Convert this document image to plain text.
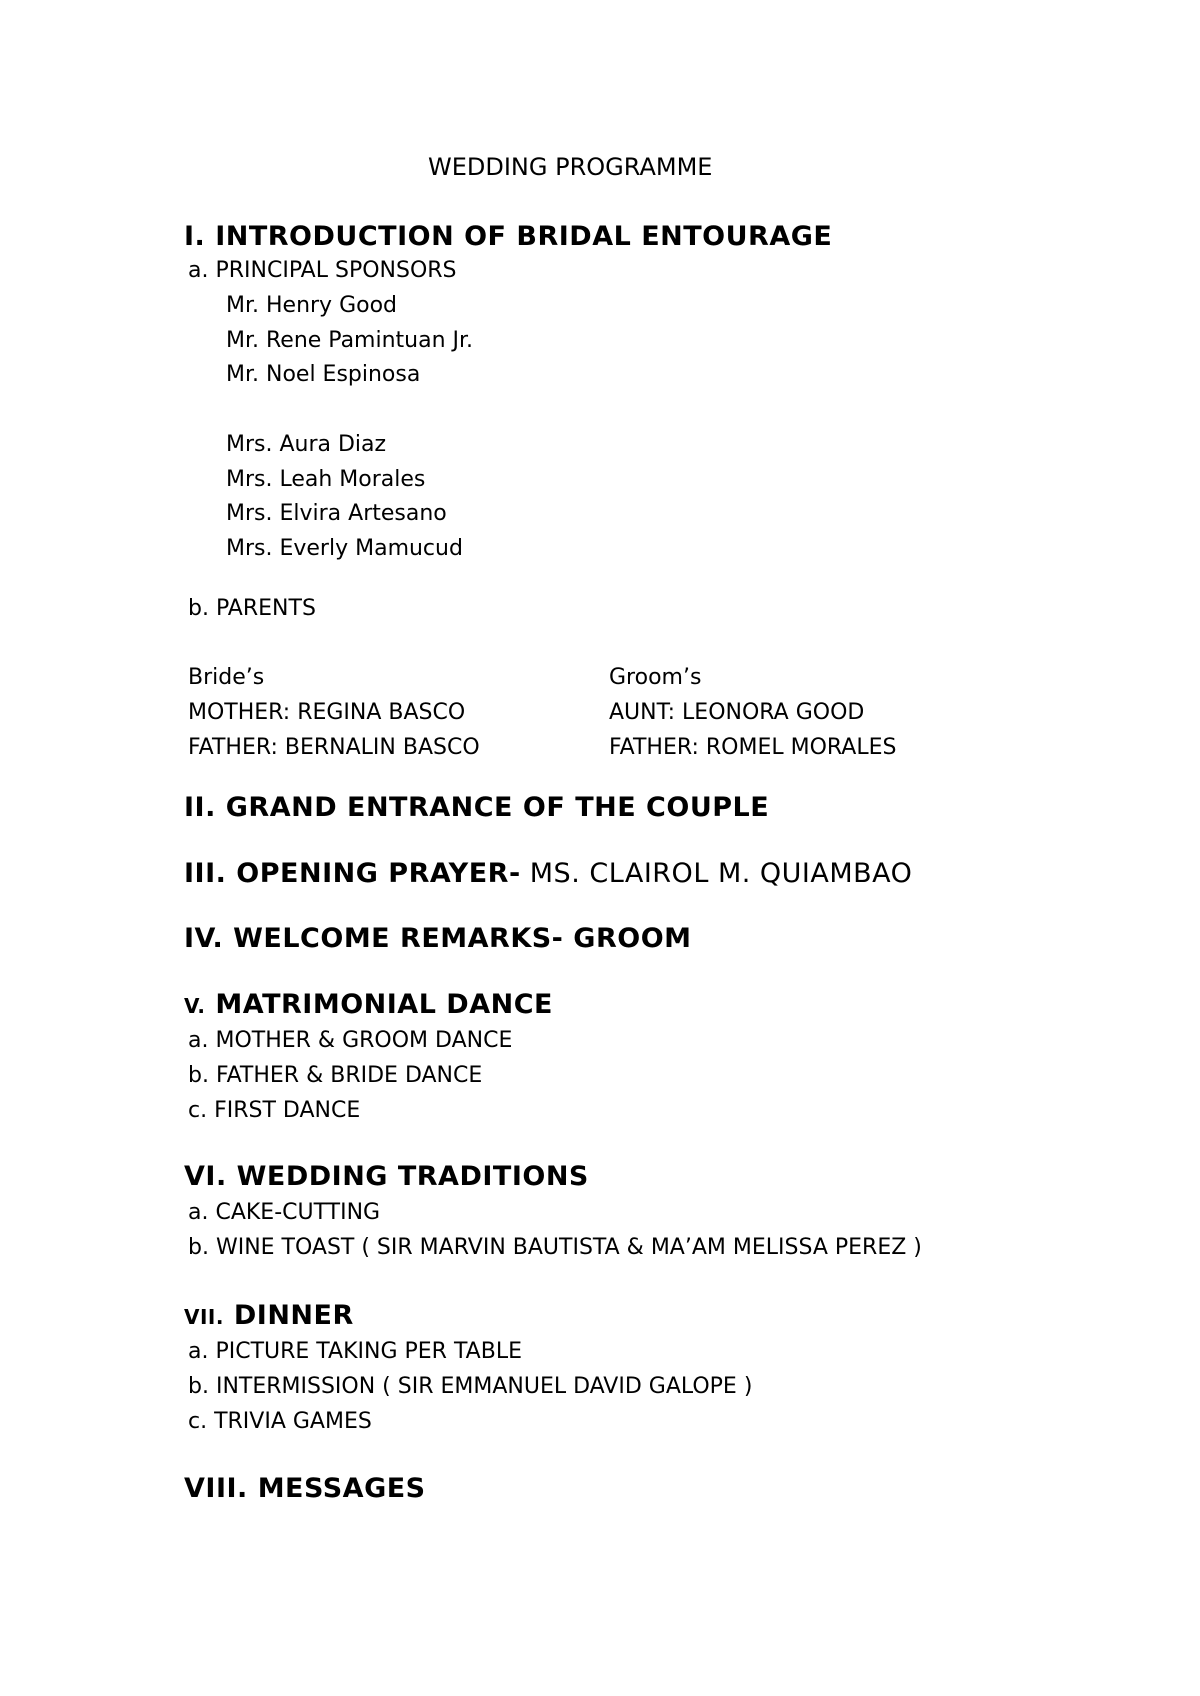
WEDDING PROGRAMME
I. INTRODUCTION OF BRIDAL ENTOURAGE
a. PRINCIPAL SPONSORS
Mr. Henry Good
Mr. Rene Pamintuan Jr.
Mr. Noel Espinosa
Mrs. Aura Diaz
Mrs. Leah Morales
Mrs. Elvira Artesano
Mrs. Everly Mamucud
b. PARENTS
Bride’s
MOTHER: REGINA BASCO
FATHER: BERNALIN BASCO
Groom’s
AUNT: LEONORA GOOD
FATHER: ROMEL MORALES
II. GRAND ENTRANCE OF THE COUPLE
III. OPENING PRAYER- MS. CLAIROL M. QUIAMBAO
IV. WELCOME REMARKS- GROOM
V. MATRIMONIAL DANCE
a. MOTHER & GROOM DANCE
b. FATHER & BRIDE DANCE
c. FIRST DANCE
VI. WEDDING TRADITIONS
a. CAKE-CUTTING
b. WINE TOAST ( SIR MARVIN BAUTISTA & MA’AM MELISSA PEREZ )
VII. DINNER
a. PICTURE TAKING PER TABLE
b. INTERMISSION ( SIR EMMANUEL DAVID GALOPE )
c. TRIVIA GAMES
VIII. MESSAGES
